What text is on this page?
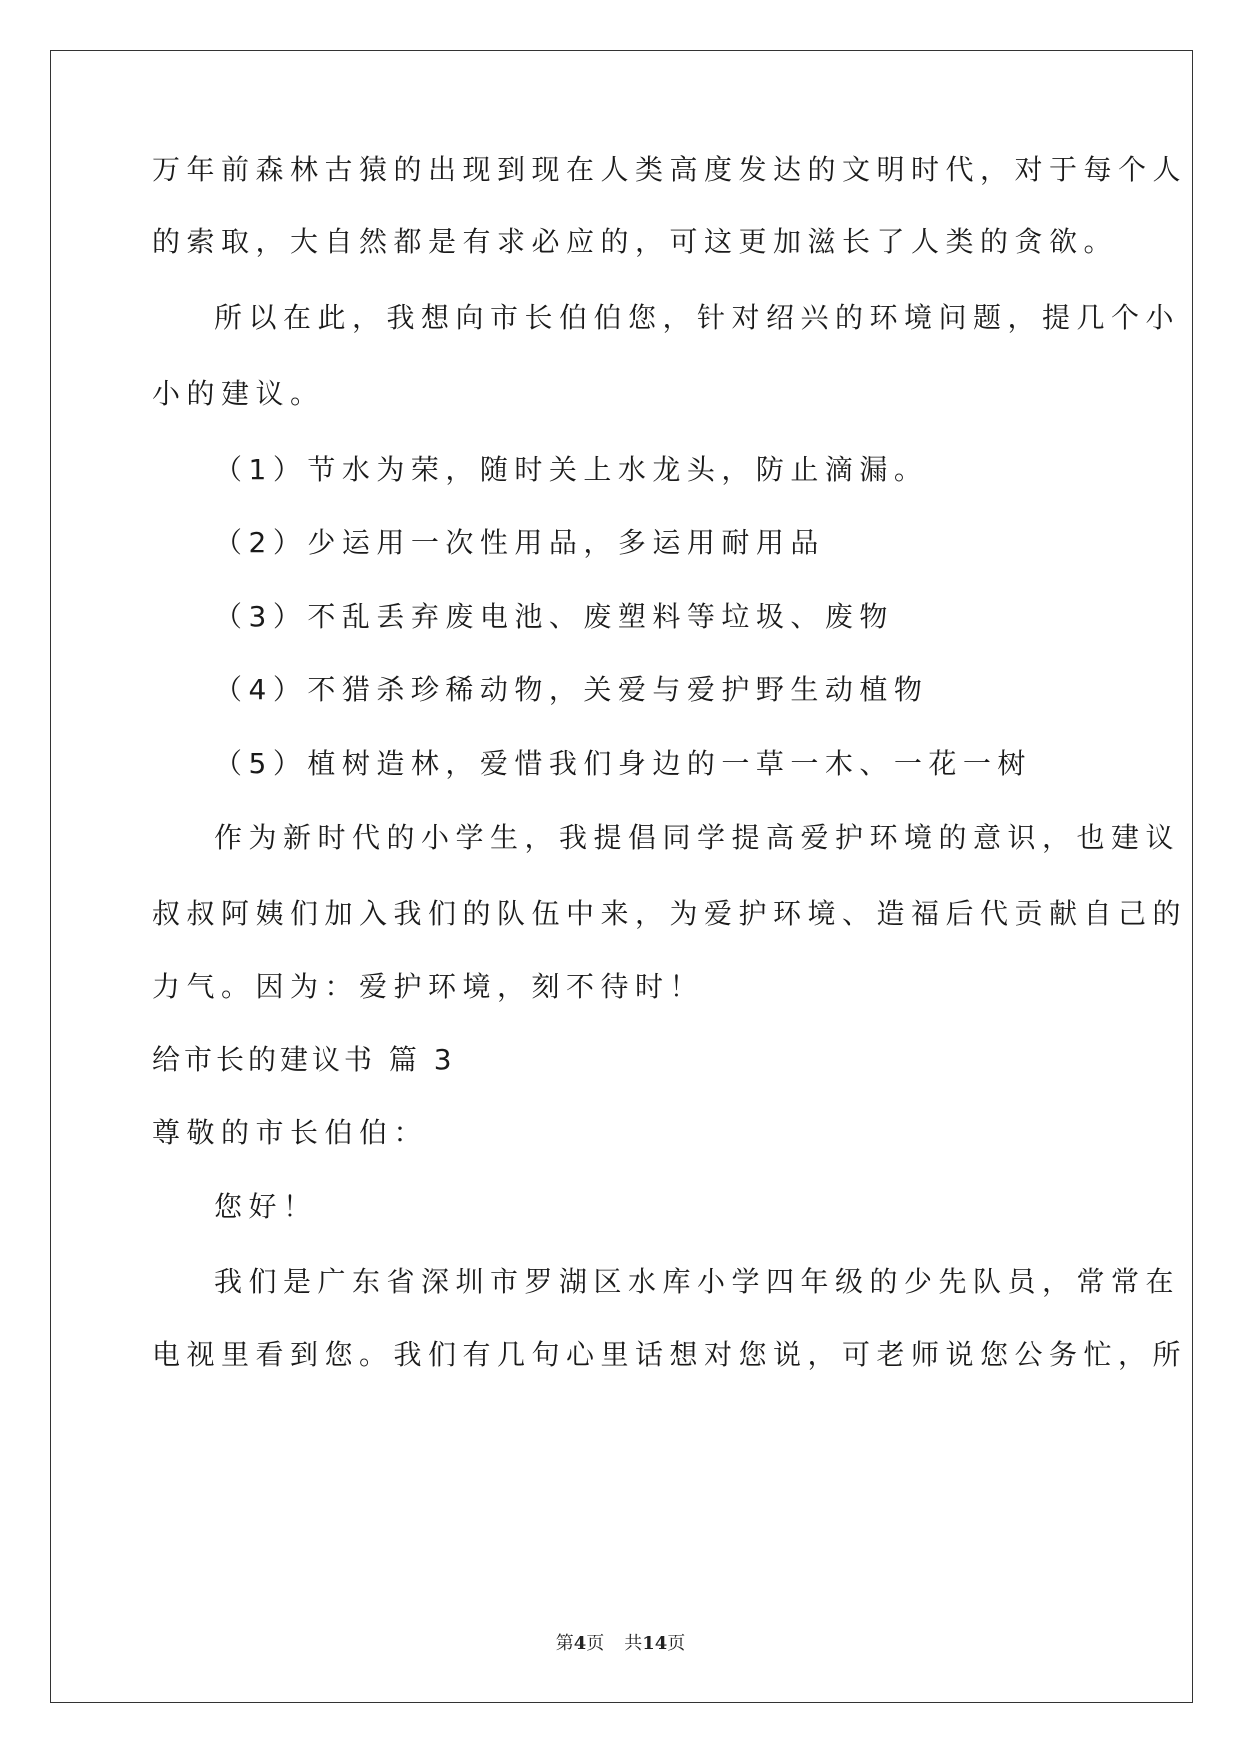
万年前森林古猿的出现到现在人类高度发达的文明时代，对于每个人
的索取，大自然都是有求必应的，可这更加滋长了人类的贪欲。
所以在此，我想向市长伯伯您，针对绍兴的环境问题，提几个小
小的建议。
（1）节水为荣，随时关上水龙头，防止滴漏。
（2）少运用一次性用品，多运用耐用品
（3）不乱丢弃废电池、废塑料等垃圾、废物
（4）不猎杀珍稀动物，关爱与爱护野生动植物
（5）植树造林，爱惜我们身边的一草一木、一花一树
作为新时代的小学生，我提倡同学提高爱护环境的意识，也建议
叔叔阿姨们加入我们的队伍中来，为爱护环境、造福后代贡献自己的
力气。因为：爱护环境，刻不待时！
给市长的建议书 篇 3
尊敬的市长伯伯：
您好！
我们是广东省深圳市罗湖区水库小学四年级的少先队员，常常在
电视里看到您。我们有几句心里话想对您说，可老师说您公务忙，所
第4页 共14页
